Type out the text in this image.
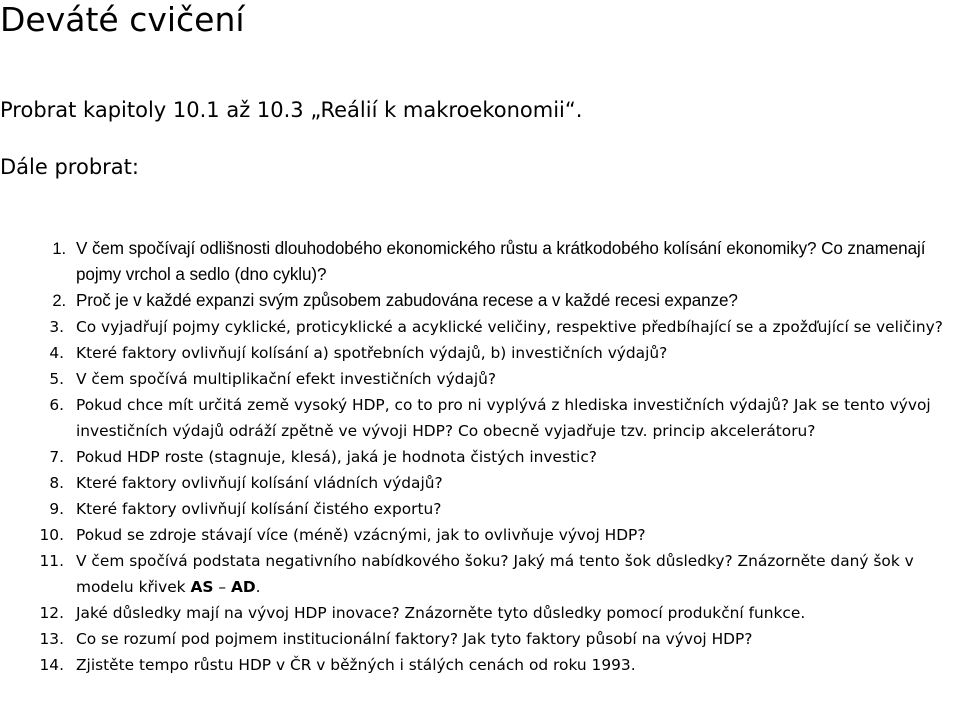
Deváté cvičení

Probrat kapitoly 10.1 až 10.3 „Reálií k makroekonomii“.

Dále probrat:

1. V čem spočívají odlišnosti dlouhodobého ekonomického růstu a krátkodobého kolísání ekonomiky? Co znamenají pojmy vrchol a sedlo (dno cyklu)?
2. Proč je v každé expanzi svým způsobem zabudována recese a v každé recesi expanze?
3. Co vyjadřují pojmy cyklické, proticyklické a acyklické veličiny, respektive předbíhající se a zpožďující se veličiny?
4. Které faktory ovlivňují kolísání a) spotřebních výdajů, b) investičních výdajů?
5. V čem spočívá multiplikační efekt investičních výdajů?
6. Pokud chce mít určitá země vysoký HDP, co to pro ni vyplývá z hlediska investičních výdajů? Jak se tento vývoj investičních výdajů odráží zpětně ve vývoji HDP? Co obecně vyjadřuje tzv. princip akcelerátoru?
7. Pokud HDP roste (stagnuje, klesá), jaká je hodnota čistých investic?
8. Které faktory ovlivňují kolísání vládních výdajů?
9. Které faktory ovlivňují kolísání čistého exportu?
10. Pokud se zdroje stávají více (méně) vzácnými, jak to ovlivňuje vývoj HDP?
11. V čem spočívá podstata negativního nabídkového šoku? Jaký má tento šok důsledky? Znázorněte daný šok v modelu křivek AS – AD.
12. Jaké důsledky mají na vývoj HDP inovace? Znázorněte tyto důsledky pomocí produkční funkce.
13. Co se rozumí pod pojmem institucionální faktory? Jak tyto faktory působí na vývoj HDP?
14. Zjistěte tempo růstu HDP v ČR v běžných i stálých cenách od roku 1993.
